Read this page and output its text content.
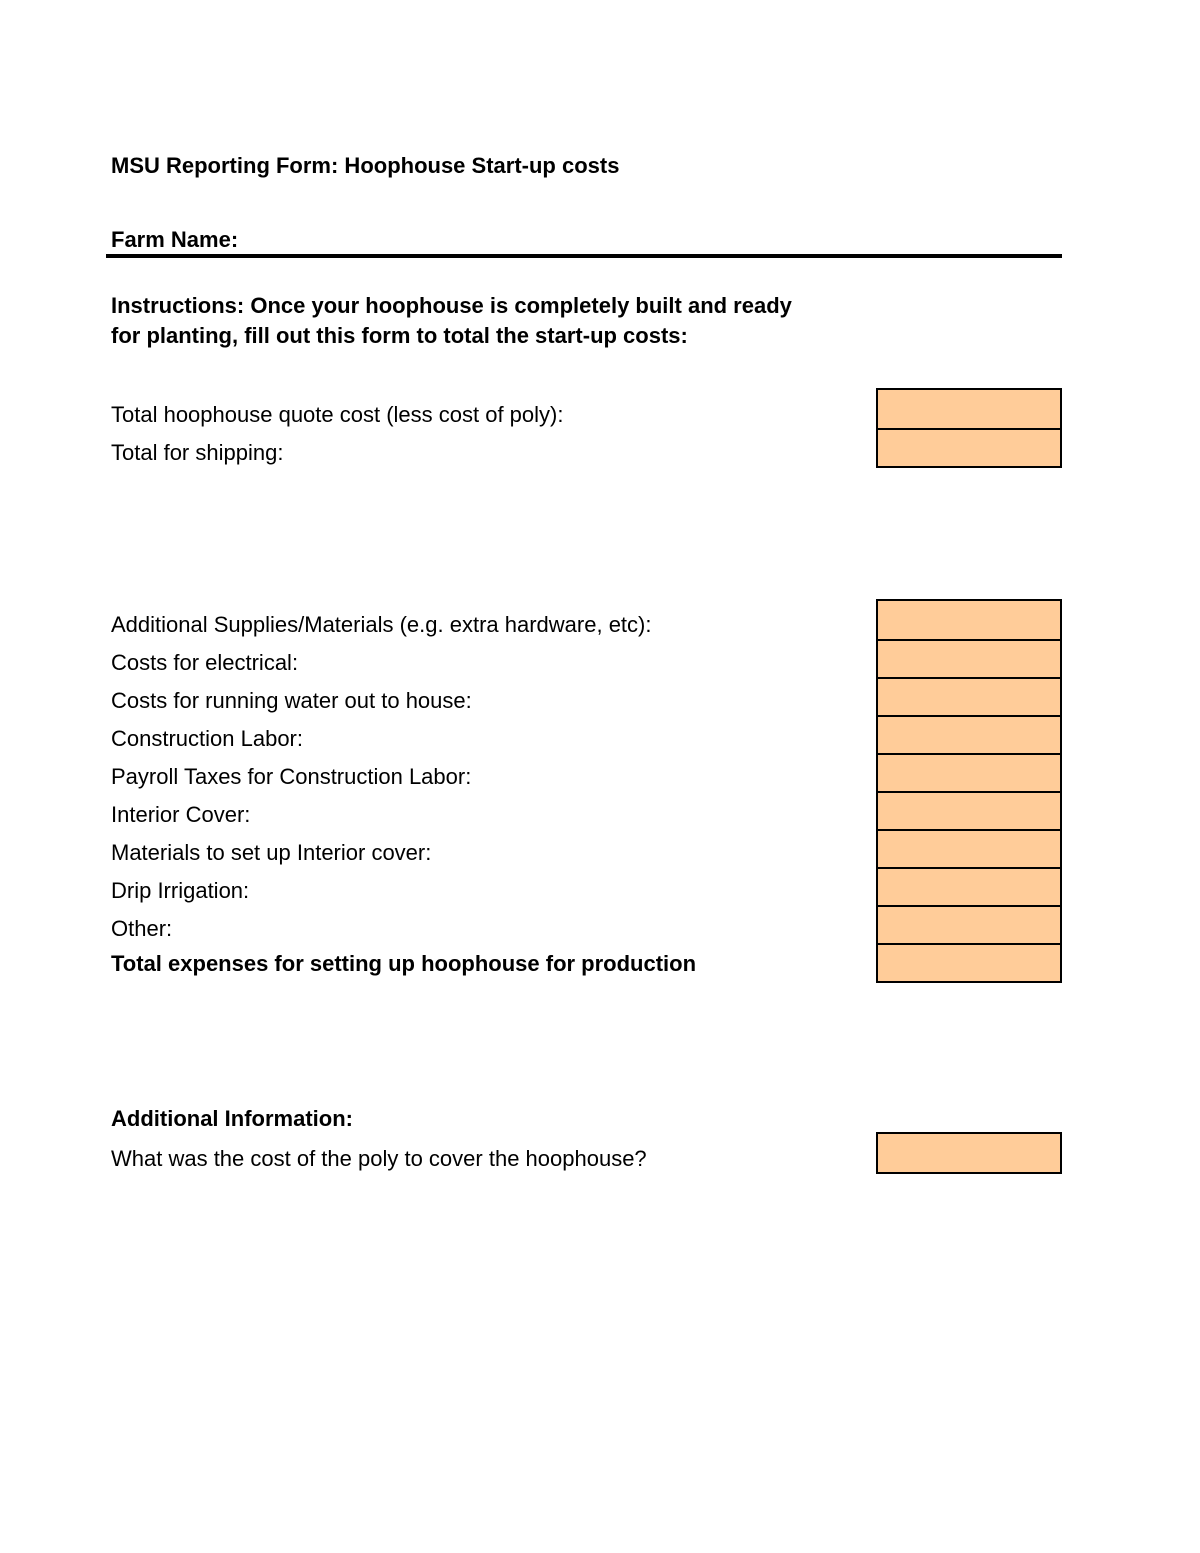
MSU Reporting Form: Hoophouse Start-up costs
Farm Name:
Instructions: Once your hoophouse is completely built and ready
for planting, fill out this form to total the start-up costs:
Total hoophouse quote cost (less cost of poly):
Total for shipping:
Additional Supplies/Materials (e.g. extra hardware, etc):
Costs for electrical:
Costs for running water out to house:
Construction Labor:
Payroll Taxes for Construction Labor:
Interior Cover:
Materials to set up Interior cover:
Drip Irrigation:
Other:
Total expenses for setting up hoophouse for production
Additional Information:
What was the cost of the poly to cover the hoophouse?
